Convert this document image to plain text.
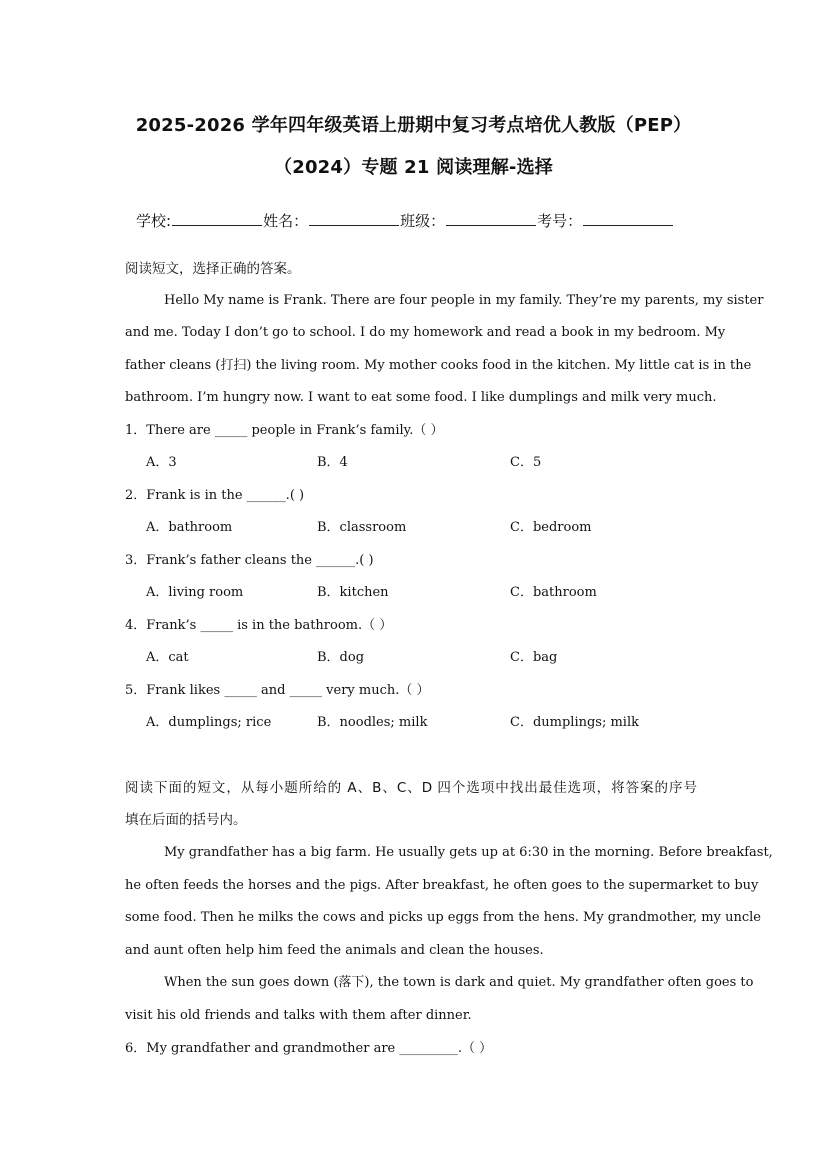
2025-2026 学年四年级英语上册期中复习考点培优人教版（PEP）
（2024）专题 21 阅读理解-选择
学校:	姓名：	班级：	考号：
阅读短文，选择正确的答案。
Hello My name is Frank. There are four people in my family. They’re my parents, my sister
and me. Today I don’t go to school. I do my homework and read a book in my bedroom. My
father cleans (打扫) the living room. My mother cooks food in the kitchen. My little cat is in the
bathroom. I’m hungry now. I want to eat some food. I like dumplings and milk very much.
1．There are _____ people in Frank’s family.（ ）
A．3	B．4	C．5
2．Frank is in the ______.( )
A．bathroom	B．classroom	C．bedroom
3．Frank’s father cleans the ______.( )
A．living room	B．kitchen	C．bathroom
4．Frank’s _____ is in the bathroom.（ ）
A．cat	B．dog	C．bag
5．Frank likes _____ and _____ very much.（ ）
A．dumplings; rice	B．noodles; milk	C．dumplings; milk
阅读下面的短文，从每小题所给的 A、B、C、D 四个选项中找出最佳选项，将答案的序号
填在后面的括号内。
My grandfather has a big farm. He usually gets up at 6:30 in the morning. Before breakfast,
he often feeds the horses and the pigs. After breakfast, he often goes to the supermarket to buy
some food. Then he milks the cows and picks up eggs from the hens. My grandmother, my uncle
and aunt often help him feed the animals and clean the houses.
When the sun goes down (落下), the town is dark and quiet. My grandfather often goes to
visit his old friends and talks with them after dinner.
6．My grandfather and grandmother are _________.（ ）
